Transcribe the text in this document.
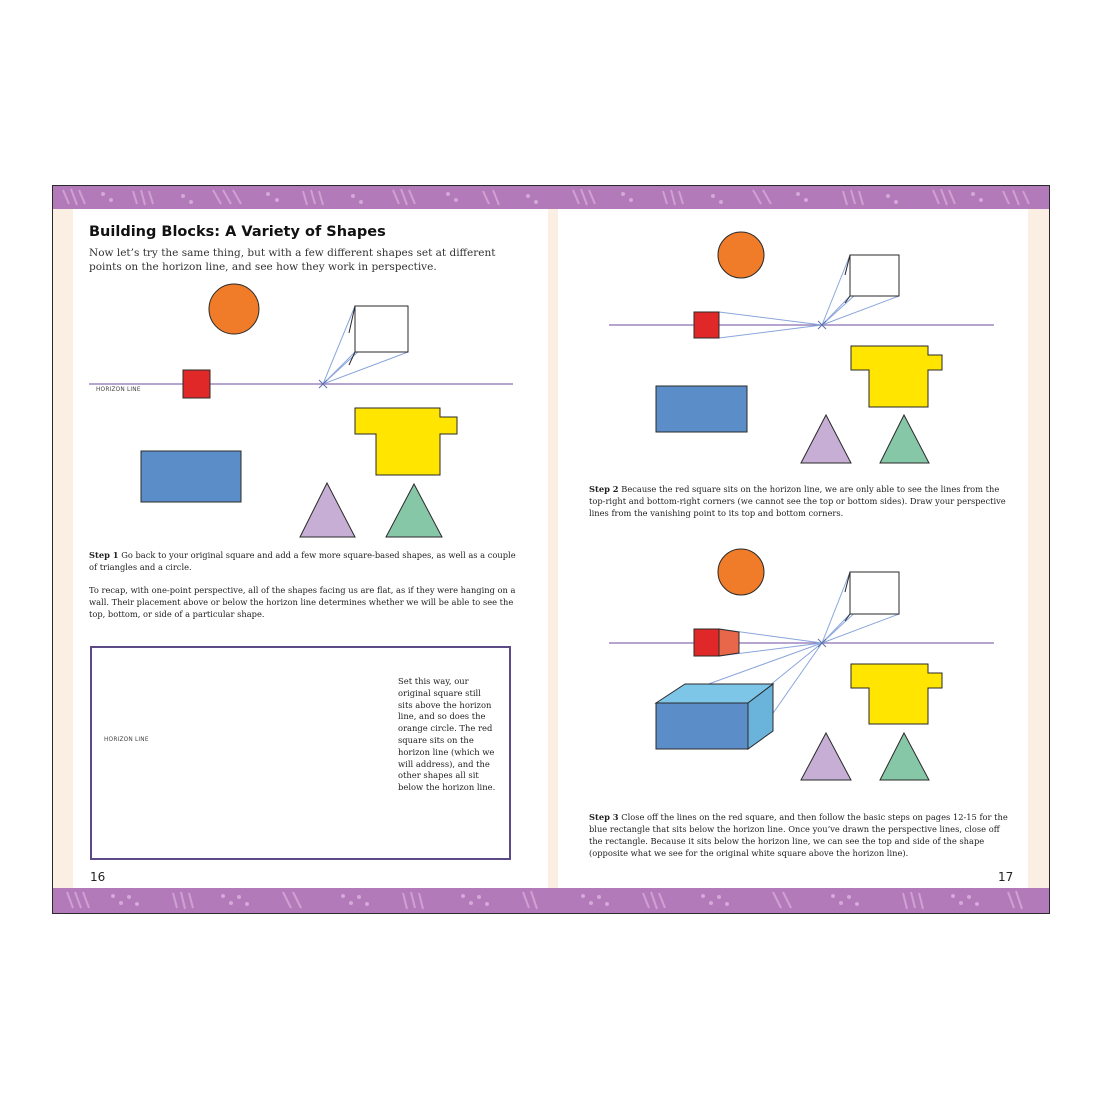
Building Blocks: A Variety of Shapes
Now let’s try the same thing, but with a few different shapes set at different points on the horizon line, and see how they work in perspective.
HORIZON LINE
Step 1 Go back to your original square and add a few more square-based shapes, as well as a couple of triangles and a circle.
To recap, with one-point perspective, all of the shapes facing us are flat, as if they were hanging on a wall. Their placement above or below the horizon line determines whether we will be able to see the top, bottom, or side of a particular shape.
HORIZON LINE
Set this way, our original square still sits above the horizon line, and so does the orange circle. The red square sits on the horizon line (which we will address), and the other shapes all sit below the horizon line.
16
Step 2 Because the red square sits on the horizon line, we are only able to see the lines from the top-right and bottom-right corners (we cannot see the top or bottom sides). Draw your perspective lines from the vanishing point to its top and bottom corners.
Step 3 Close off the lines on the red square, and then follow the basic steps on pages 12-15 for the blue rectangle that sits below the horizon line. Once you’ve drawn the perspective lines, close off the rectangle. Because it sits below the horizon line, we can see the top and side of the shape (opposite what we see for the original white square above the horizon line).
17
